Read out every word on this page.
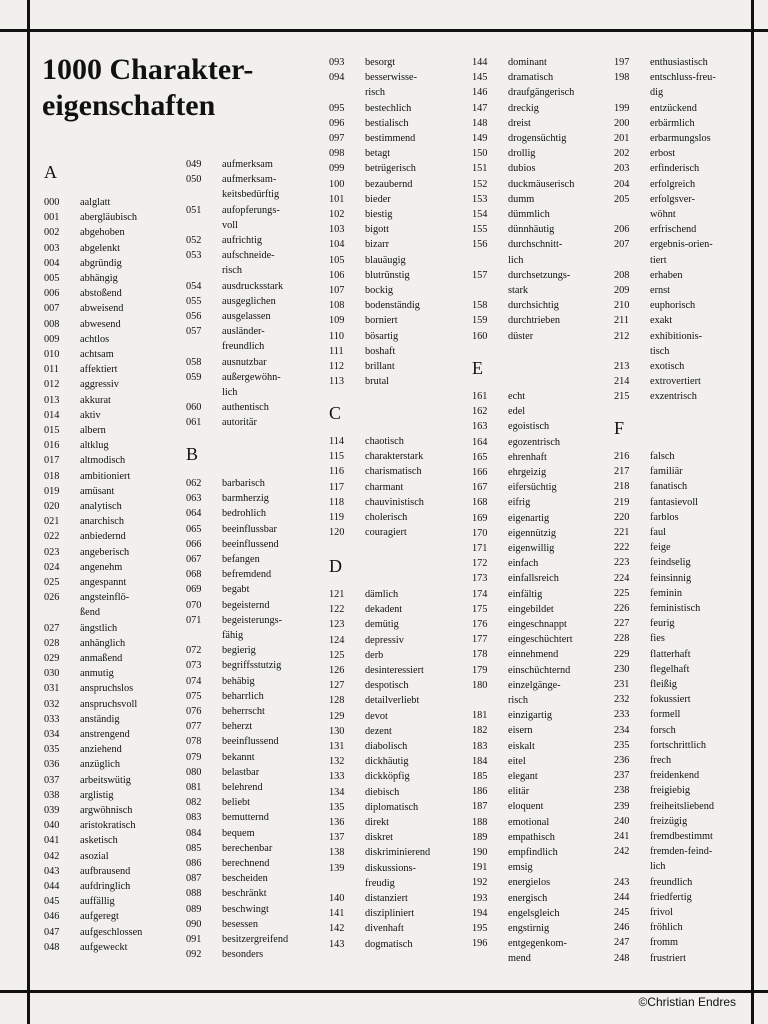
1000 Charakter-eigenschaften
A
000 aalglatt
001 abergläubisch
002 abgehoben
003 abgelenkt
004 abgründig
005 abhängig
006 abstoßend
007 abweisend
008 abwesend
009 achtlos
010 achtsam
011 affektiert
012 aggressiv
013 akkurat
014 aktiv
015 albern
016 altklug
017 altmodisch
018 ambitioniert
019 amüsant
020 analytisch
021 anarchisch
022 anbiedernd
023 angeberisch
024 angenehm
025 angespannt
026 angsteinflö-
ßend
027 ängstlich
028 anhänglich
029 anmaßend
030 anmutig
031 anspruchslos
032 anspruchsvoll
033 anständig
034 anstrengend
035 anziehend
036 anzüglich
037 arbeitswütig
038 arglistig
039 argwöhnisch
040 aristokratisch
041 asketisch
042 asozial
043 aufbrausend
044 aufdringlich
045 auffällig
046 aufgeregt
047 aufgeschlossen
048 aufgeweckt
049 aufmerksam
050 aufmerksam-
keitsbedürftig
051 aufopferungs-
voll
052 aufrichtig
053 aufschneide-
risch
054 ausdrucksstark
055 ausgeglichen
056 ausgelassen
057 ausländer-
freundlich
058 ausnutzbar
059 außergewöhn-
lich
060 authentisch
061 autoritär
B
062 barbarisch
063 barmherzig
064 bedrohlich
065 beeinflussbar
066 beeinflussend
067 befangen
068 befremdend
069 begabt
070 begeisternd
071 begeisterungs-
fähig
072 begierig
073 begriffsstutzig
074 behäbig
075 beharrlich
076 beherrscht
077 beherzt
078 beeinflussend
079 bekannt
080 belastbar
081 belehrend
082 beliebt
083 bemutternd
084 bequem
085 berechenbar
086 berechnend
087 bescheiden
088 beschränkt
089 beschwingt
090 besessen
091 besitzergreifend
092 besonders
093 besorgt
094 besserwisse-
risch
095 bestechlich
096 bestialisch
097 bestimmend
098 betagt
099 betrügerisch
100 bezaubernd
101 bieder
102 biestig
103 bigott
104 bizarr
105 blauäugig
106 blutrünstig
107 bockig
108 bodenständig
109 borniert
110 bösartig
111 boshaft
112 brillant
113 brutal
C
114 chaotisch
115 charakterstark
116 charismatisch
117 charmant
118 chauvinistisch
119 cholerisch
120 couragiert
D
121 dämlich
122 dekadent
123 demütig
124 depressiv
125 derb
126 desinteressiert
127 despotisch
128 detailverliebt
129 devot
130 dezent
131 diabolisch
132 dickhäutig
133 dickköpfig
134 diebisch
135 diplomatisch
136 direkt
137 diskret
138 diskriminierend
139 diskussions-
freudig
140 distanziert
141 diszipliniert
142 divenhaft
143 dogmatisch
144 dominant
145 dramatisch
146 draufgängerisch
147 dreckig
148 dreist
149 drogensüchtig
150 drollig
151 dubios
152 duckmäuserisch
153 dumm
154 dümmlich
155 dünnhäutig
156 durchschnitt-
lich
157 durchsetzungs-
stark
158 durchsichtig
159 durchtrieben
160 düster
E
161 echt
162 edel
163 egoistisch
164 egozentrisch
165 ehrenhaft
166 ehrgeizig
167 eifersüchtig
168 eifrig
169 eigenartig
170 eigennützig
171 eigenwillig
172 einfach
173 einfallsreich
174 einfältig
175 eingebildet
176 eingeschnappt
177 eingeschüchtert
178 einnehmend
179 einschüchternd
180 einzelgänge-
risch
181 einzigartig
182 eisern
183 eiskalt
184 eitel
185 elegant
186 elitär
187 eloquent
188 emotional
189 empathisch
190 empfindlich
191 emsig
192 energielos
193 energisch
194 engelsgleich
195 engstirnig
196 entgegenkom-
mend
197 enthusiastisch
198 entschluss-freu-
dig
199 entzückend
200 erbärmlich
201 erbarmungslos
202 erbost
203 erfinderisch
204 erfolgreich
205 erfolgsver-
wöhnt
206 erfrischend
207 ergebnis-orien-
tiert
208 erhaben
209 ernst
210 euphorisch
211 exakt
212 exhibitionis-
tisch
213 exotisch
214 extrovertiert
215 exzentrisch
F
216 falsch
217 familiär
218 fanatisch
219 fantasievoll
220 farblos
221 faul
222 feige
223 feindselig
224 feinsinnig
225 feminin
226 feministisch
227 feurig
228 fies
229 flatterhaft
230 flegelhaft
231 fleißig
232 fokussiert
233 formell
234 forsch
235 fortschrittlich
236 frech
237 freidenkend
238 freigiebig
239 freiheitsliebend
240 freizügig
241 fremdbestimmt
242 fremden-feind-
lich
243 freundlich
244 friedfertig
245 frivol
246 fröhlich
247 fromm
248 frustriert
©Christian Endres
